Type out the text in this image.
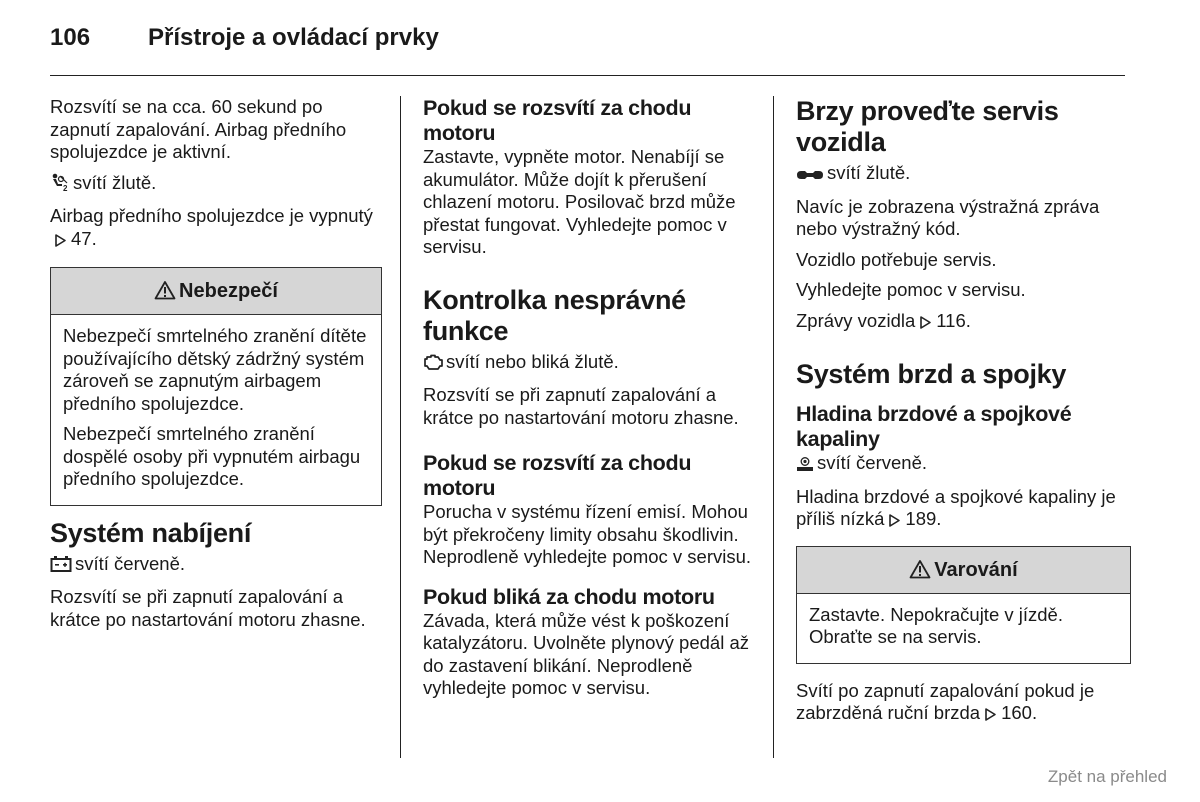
106 Přístroje a ovládací prvky

Rozsvítí se na cca. 60 sekund po zapnutí zapalování. Airbag předního spolujezdce je aktivní.

2 svítí žlutě.

Airbag předního spolujezdce je vypnutý47.

Nebezpečí

Nebezpečí smrtelného zranění dítěte používajícího dětský zádržný systém zároveň se zapnutým airbagem předního spolujezdce.

Nebezpečí smrtelného zranění dospělé osoby při vypnutém airbagu předního spolujezdce.

Systém nabíjení

svítí červeně.

Rozsvítí se při zapnutí zapalování a krátce po nastartování motoru zhasne.

Pokud se rozsvítí za chodu motoru

Zastavte, vypněte motor. Nenabíjí se akumulátor. Může dojít k přerušení chlazení motoru. Posilovač brzd může přestat fungovat. Vyhledejte pomoc v servisu.

Kontrolka nesprávné funkce

svítí nebo bliká žlutě.

Rozsvítí se při zapnutí zapalování a krátce po nastartování motoru zhasne.

Pokud se rozsvítí za chodu motoru

Porucha v systému řízení emisí. Mohou být překročeny limity obsahu škodlivin. Neprodleně vyhledejte pomoc v servisu.

Pokud bliká za chodu motoru

Závada, která může vést k poškození katalyzátoru. Uvolněte plynový pedál až do zastavení blikání. Neprodleně vyhledejte pomoc v servisu.

Brzy proveďte servis vozidla

svítí žlutě.

Navíc je zobrazena výstražná zpráva nebo výstražný kód.

Vozidlo potřebuje servis.

Vyhledejte pomoc v servisu.

Zprávy vozidla 116.

Systém brzd a spojky
Hladina brzdové a spojkové kapaliny

svítí červeně.

Hladina brzdové a spojkové kapaliny je příliš nízká 189.

Varování

Zastavte. Nepokračujte v jízdě. Obraťte se na servis.

Svítí po zapnutí zapalování pokud je zabrzděná ruční brzda 160.

Zpět na přehled
